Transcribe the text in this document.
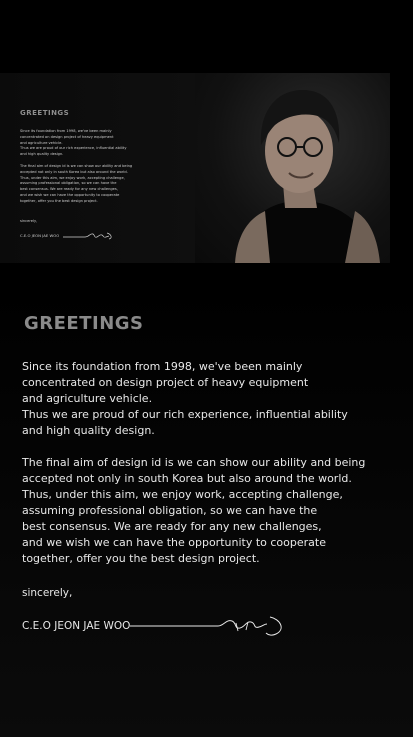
GREETINGS

Since its foundation from 1998, we've been mainly
concentrated on design project of heavy equipment
and agriculture vehicle.
Thus we are proud of our rich experience, influential ability
and high quality design.

The final aim of design id is we can show our ability and being
accepted not only in south Korea but also around the world.
Thus, under this aim, we enjoy work, accepting challenge,
assuming professional obligation, so we can have the
best consensus. We are ready for any new challenges,
and we wish we can have the opportunity to cooperate
together, offer you the best design project.

sincerely,
C.E.O JEON JAE WOO
GREETINGS

Since its foundation from 1998, we've been mainly
concentrated on design project of heavy equipment
and agriculture vehicle.
Thus we are proud of our rich experience, influential ability
and high quality design.

The final aim of design id is we can show our ability and being
accepted not only in south Korea but also around the world.
Thus, under this aim, we enjoy work, accepting challenge,
assuming professional obligation, so we can have the
best consensus. We are ready for any new challenges,
and we wish we can have the opportunity to cooperate
together, offer you the best design project.

sincerely,
C.E.O JEON JAE WOO
